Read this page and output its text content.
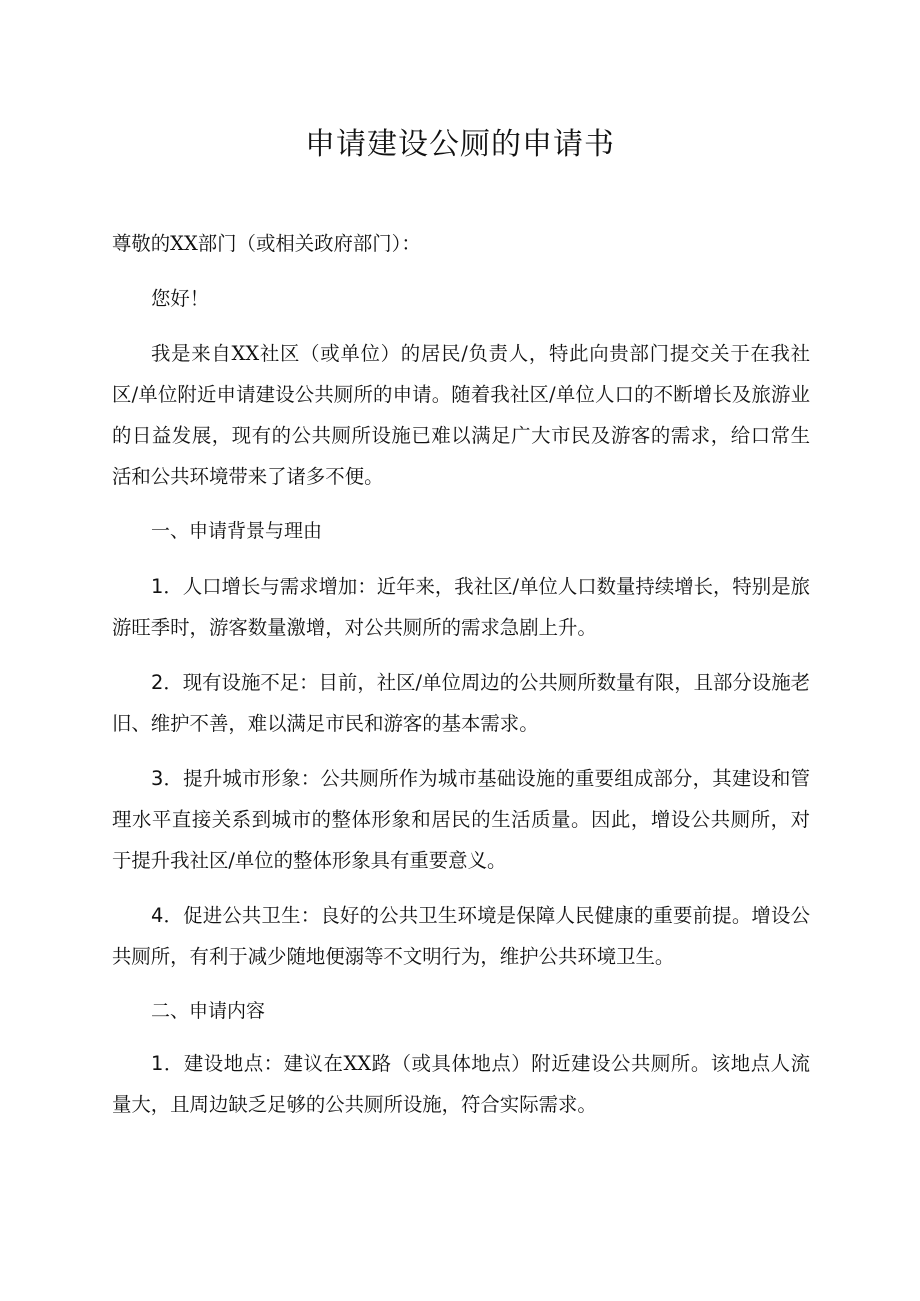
申请建设公厕的申请书

尊敬的XX部门（或相关政府部门）：

您好！

我是来自XX社区（或单位）的居民/负责人，特此向贵部门提交关于在我社区/单位附近申请建设公共厕所的申请。随着我社区/单位人口的不断增长及旅游业的日益发展，现有的公共厕所设施已难以满足广大市民及游客的需求，给口常生活和公共环境带来了诸多不便。

一、申请背景与理由

1．人口增长与需求增加：近年来，我社区/单位人口数量持续增长，特别是旅游旺季时，游客数量激增，对公共厕所的需求急剧上升。

2．现有设施不足：目前，社区/单位周边的公共厕所数量有限，且部分设施老旧、维护不善，难以满足市民和游客的基本需求。

3．提升城市形象：公共厕所作为城市基础设施的重要组成部分，其建设和管理水平直接关系到城市的整体形象和居民的生活质量。因此，增设公共厕所，对于提升我社区/单位的整体形象具有重要意义。

4．促进公共卫生：良好的公共卫生环境是保障人民健康的重要前提。增设公共厕所，有利于减少随地便溺等不文明行为，维护公共环境卫生。

二、申请内容

1．建设地点：建议在XX路（或具体地点）附近建设公共厕所。该地点人流量大，且周边缺乏足够的公共厕所设施，符合实际需求。
